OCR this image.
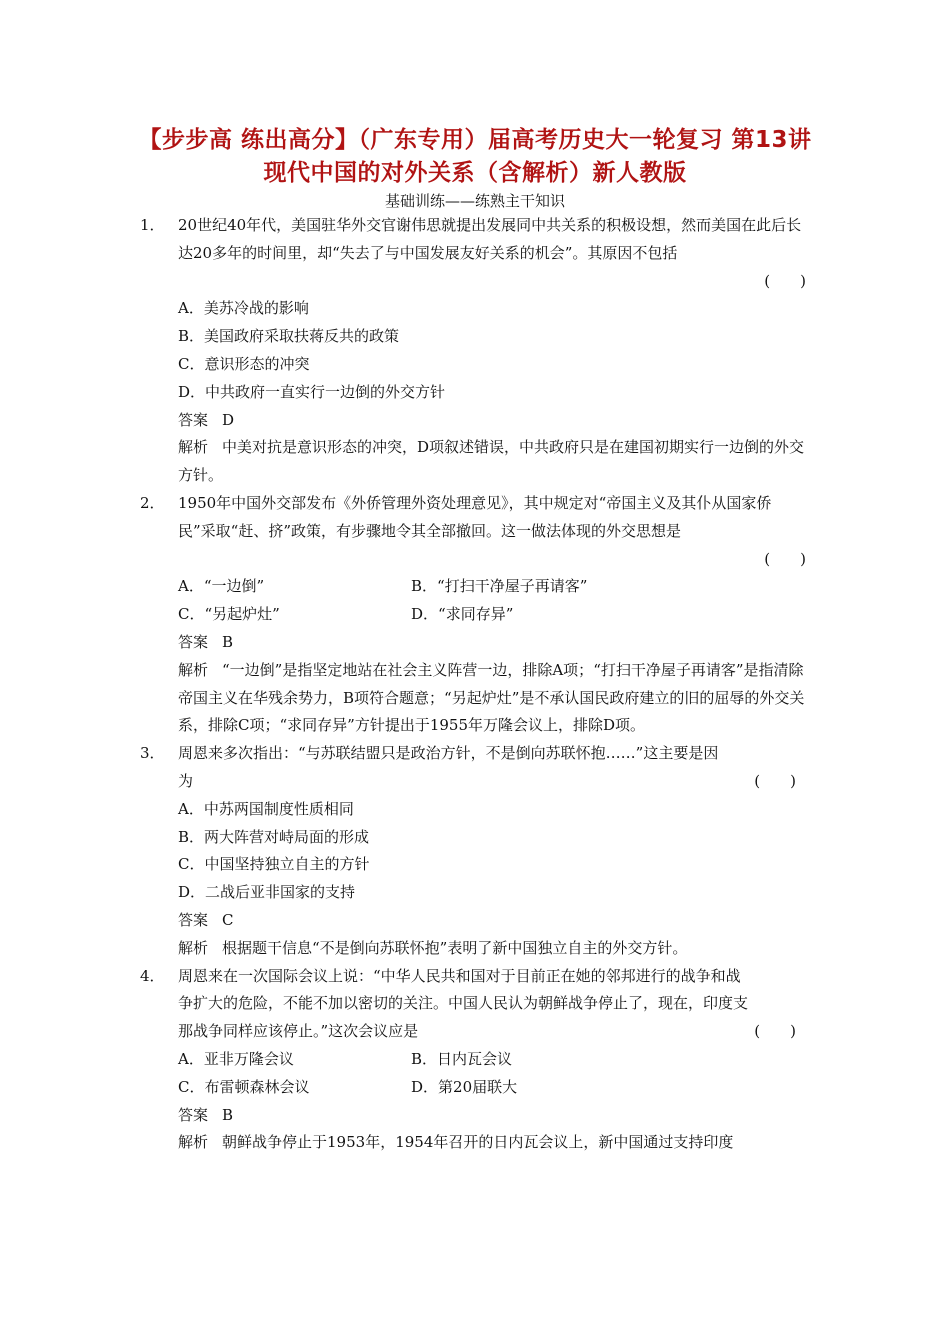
【步步高 练出高分】（广东专用）届高考历史大一轮复习 第13讲
现代中国的对外关系（含解析）新人教版
基础训练——练熟主干知识
1． 20世纪40年代，美国驻华外交官谢伟思就提出发展同中共关系的积极设想，然而美国在此后长达20多年的时间里，却“失去了与中国发展友好关系的机会”。其原因不包括
(　　)
A．美苏冷战的影响
B．美国政府采取扶蒋反共的政策
C．意识形态的冲突
D．中共政府一直实行一边倒的外交方针
答案 D
解析 中美对抗是意识形态的冲突，D项叙述错误，中共政府只是在建国初期实行一边倒的外交方针。
2． 1950年中国外交部发布《外侨管理外资处理意见》，其中规定对“帝国主义及其仆从国家侨民”采取“赶、挤”政策，有步骤地令其全部撤回。这一做法体现的外交思想是
(　　)
A．“一边倒”	B．“打扫干净屋子再请客”
C．“另起炉灶”	D．“求同存异”
答案 B
解析 “一边倒”是指坚定地站在社会主义阵营一边，排除A项；“打扫干净屋子再请客”是指清除帝国主义在华残余势力，B项符合题意；“另起炉灶”是不承认国民政府建立的旧的屈辱的外交关系，排除C项；“求同存异”方针提出于1955年万隆会议上，排除D项。
3． 周恩来多次指出：“与苏联结盟只是政治方针，不是倒向苏联怀抱……”这主要是因
为	(　　)
A．中苏两国制度性质相同
B．两大阵营对峙局面的形成
C．中国坚持独立自主的方针
D．二战后亚非国家的支持
答案 C
解析 根据题干信息“不是倒向苏联怀抱”表明了新中国独立自主的外交方针。
4．
(　　)
周恩来在一次国际会议上说：“中华人民共和国对于目前正在她的邻邦进行的战争和战争扩大的危险，不能不加以密切的关注。中国人民认为朝鲜战争停止了，现在，印度支那战争同样应该停止。”这次会议应是
A．亚非万隆会议	B．日内瓦会议
C．布雷顿森林会议	D．第20届联大
答案 B
解析 朝鲜战争停止于1953年，1954年召开的日内瓦会议上，新中国通过支持印度
